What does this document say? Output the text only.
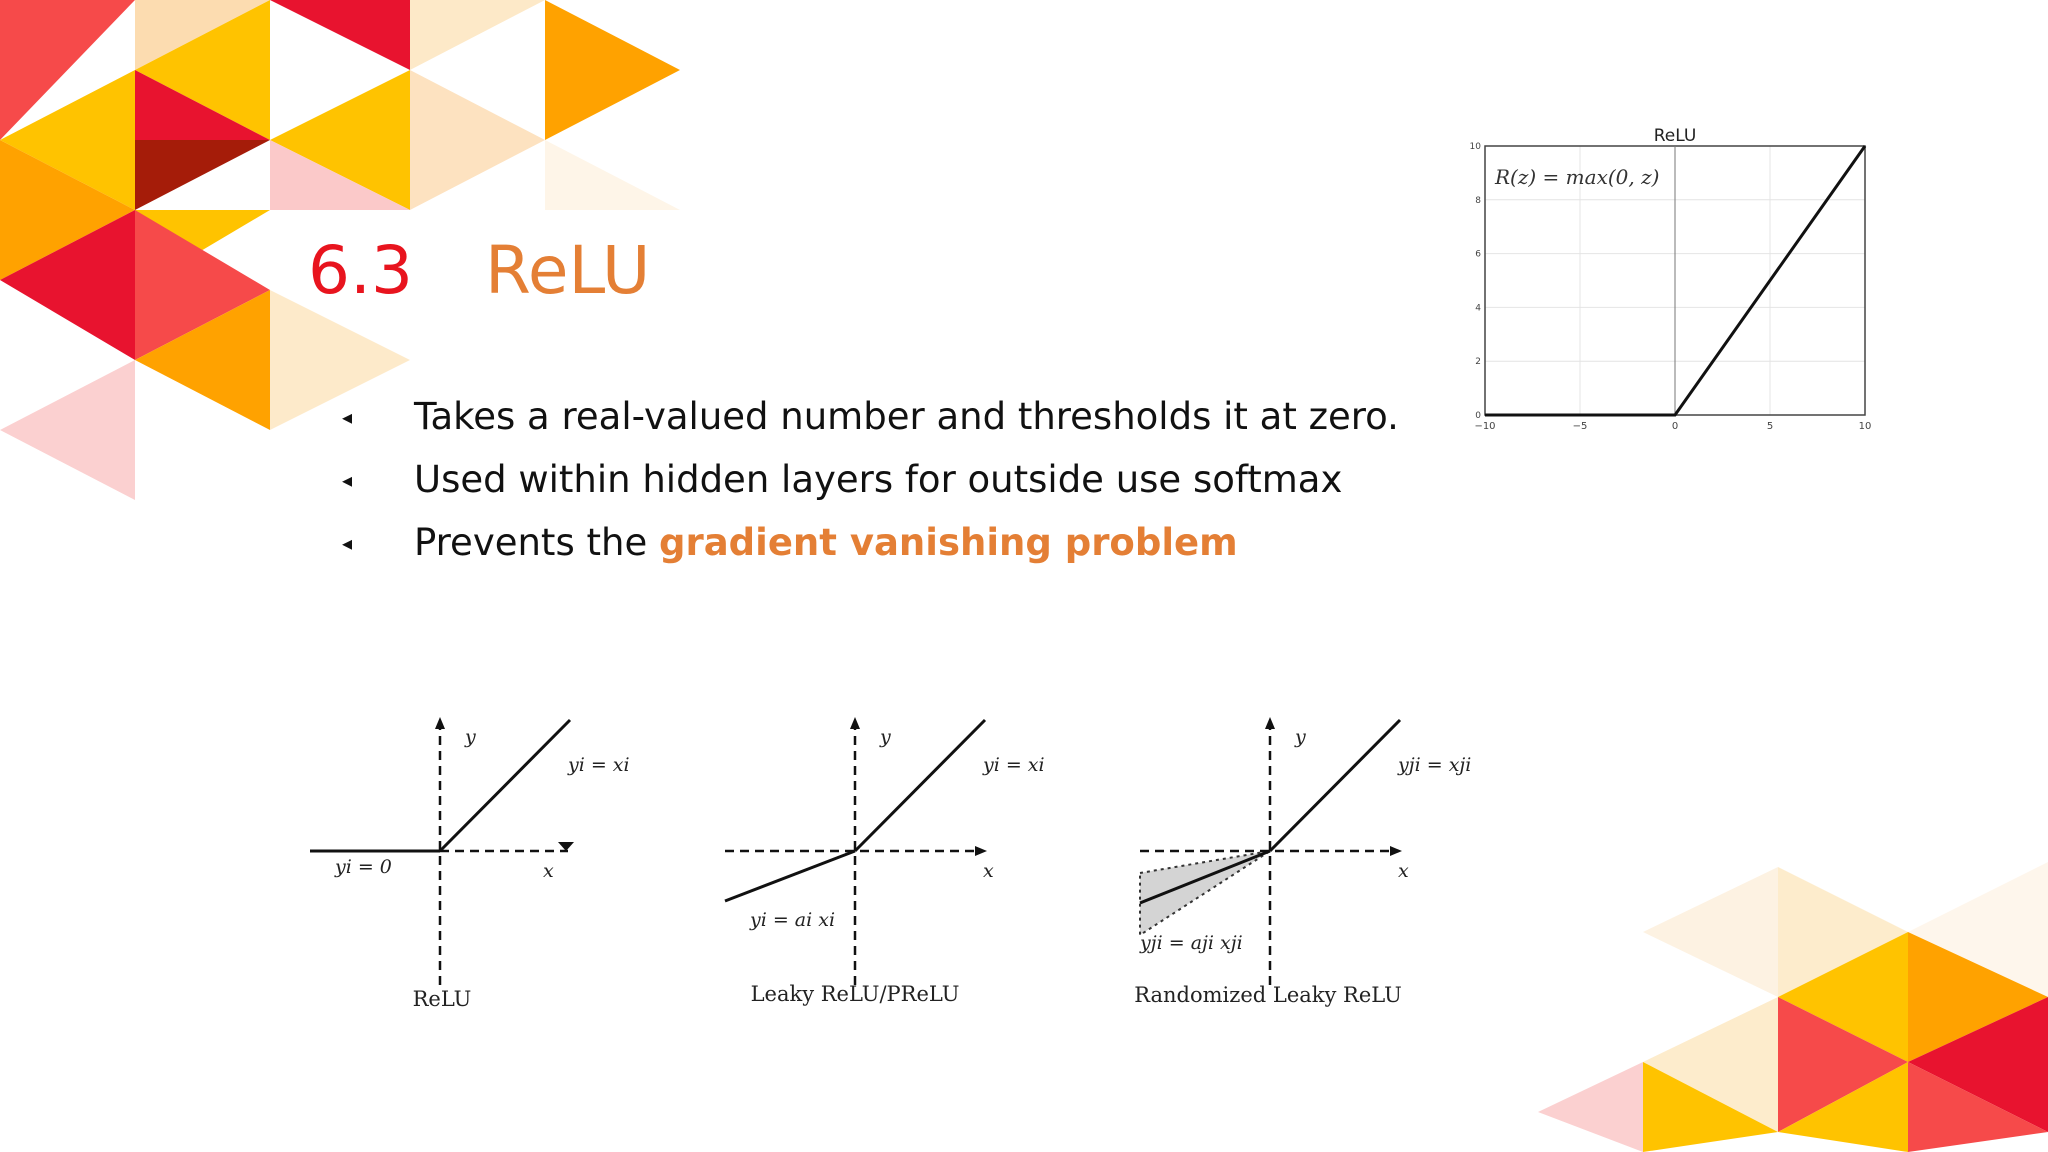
6.3 ReLU
◂ Takes a real-valued number and thresholds it at zero.
◂ Used within hidden layers for outside use softmax
◂ Prevents the gradient vanishing problem
−10	−5	0	5	10
0
2
4
6
8
10
ReLU
R(z) = max(0, z)
y
x
yi = xi
yi = 0
ReLU
y
x
yi = xi
yi = ai xi
Leaky ReLU/PReLU
y
x
yji = xji
yji = aji xji
Randomized Leaky ReLU
